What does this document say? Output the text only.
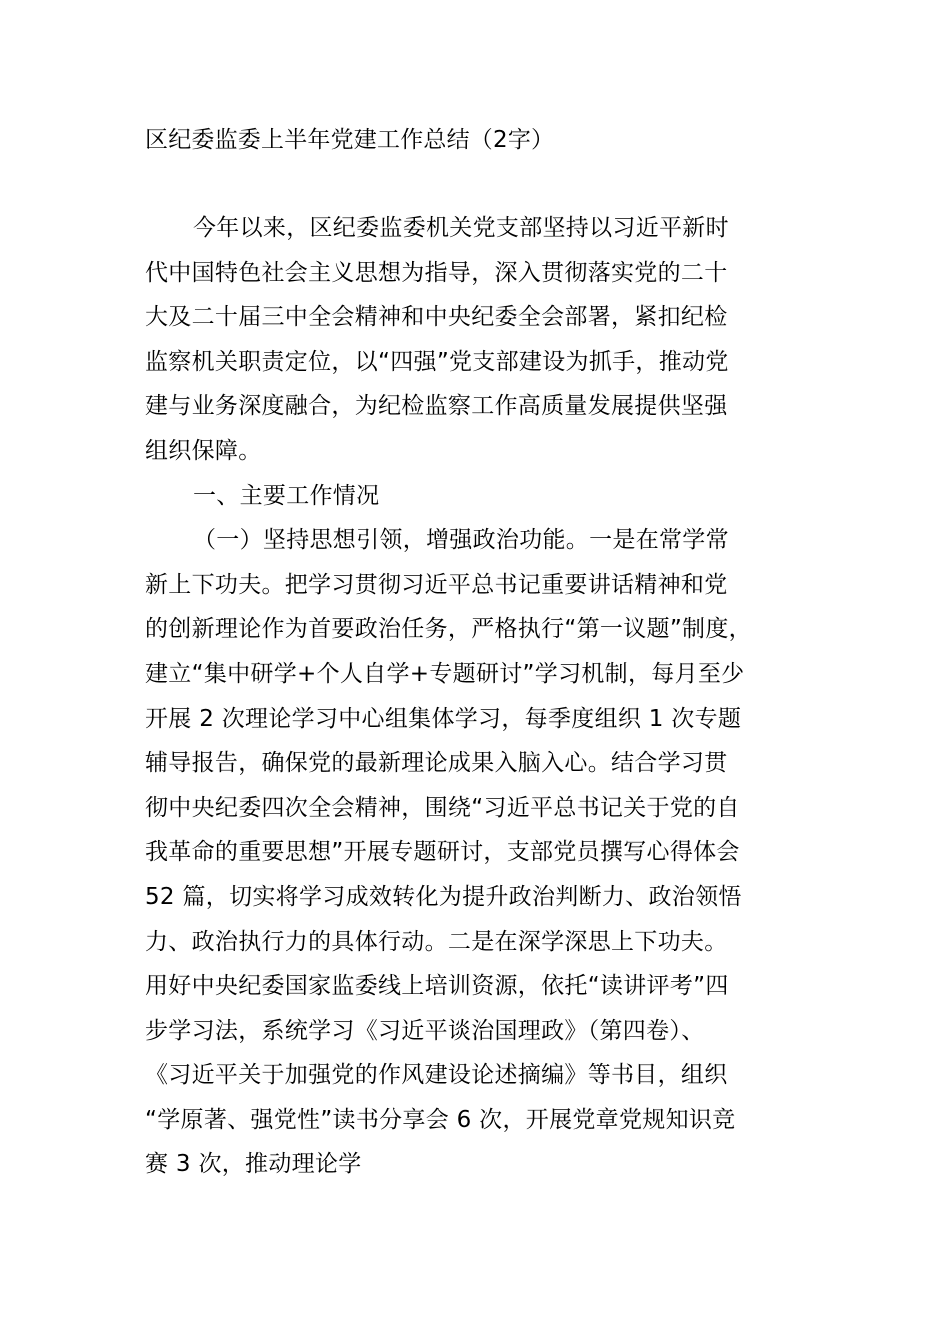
区纪委监委上半年党建工作总结（2字）
今年以来，区纪委监委机关党支部坚持以习近平新时
代中国特色社会主义思想为指导，深入贯彻落实党的二十
大及二十届三中全会精神和中央纪委全会部署，紧扣纪检
监察机关职责定位，以“四强”党支部建设为抓手，推动党
建与业务深度融合，为纪检监察工作高质量发展提供坚强
组织保障。
一、主要工作情况
（一）坚持思想引领，增强政治功能。一是在常学常
新上下功夫。把学习贯彻习近平总书记重要讲话精神和党
的创新理论作为首要政治任务，严格执行“第一议题”制度，
建立“集中研学+个人自学+专题研讨”学习机制，每月至少
开展 2 次理论学习中心组集体学习，每季度组织 1 次专题
辅导报告，确保党的最新理论成果入脑入心。结合学习贯
彻中央纪委四次全会精神，围绕“习近平总书记关于党的自
我革命的重要思想”开展专题研讨，支部党员撰写心得体会
52 篇，切实将学习成效转化为提升政治判断力、政治领悟
力、政治执行力的具体行动。二是在深学深思上下功夫。
用好中央纪委国家监委线上培训资源，依托“读讲评考”四
步学习法，系统学习《习近平谈治国理政》（第四卷）、
《习近平关于加强党的作风建设论述摘编》等书目，组织
“学原著、强党性”读书分享会 6 次，开展党章党规知识竞
赛 3 次，推动理论学
